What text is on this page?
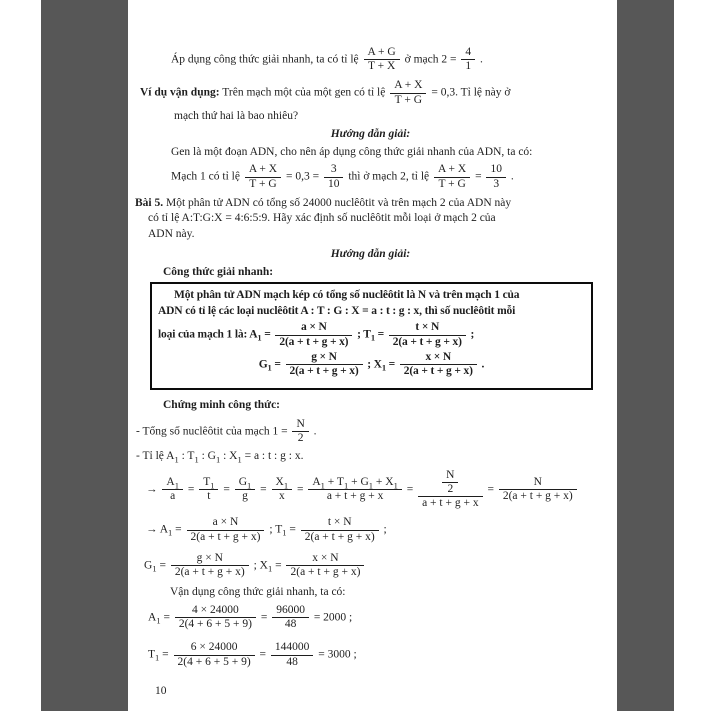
Áp dụng công thức giải nhanh, ta có tỉ lệ $\frac{A + G}{T + X}$ ở mạch $2 = \frac{4}{1}$ .
Ví dụ vận dụng: Trên mạch một của một gen có tỉ lệ $\frac{A + X}{T + G} = 0,3$. Tỉ lệ này ở
mạch thứ hai là bao nhiêu?
Hướng dẫn giải:
Gen là một đoạn ADN, cho nên áp dụng công thức giải nhanh của ADN, ta có:
Mạch 1 có tỉ lệ $\frac{A + X}{T + G} = 0,3 = \frac{3}{10}$ thì ở mạch 2, tỉ lệ $\frac{A + X}{T + G} = \frac{10}{3}$ .
Bài 5. Một phân tử ADN có tổng số 24000 nuclêôtit và trên mạch 2 của ADN này
có tỉ lệ A:T:G:X = 4:6:5:9. Hãy xác định số nuclêôtit mỗi loại ở mạch 2 của
ADN này.
Hướng dẫn giải:
Công thức giải nhanh:
Một phân tử ADN mạch kép có tổng số nuclêôtit là N và trên mạch 1 của
ADN có tỉ lệ các loại nuclêôtit A : T : G : X = a : t : g : x, thì số nuclêôtit mỗi
loại của mạch 1 là: $A_1 = \frac{a \times N}{2(a + t + g + x)}$ ; $T_1 = \frac{t \times N}{2(a + t + g + x)}$ ;
$G_1 = \frac{g \times N}{2(a + t + g + x)}$ ; $X_1 = \frac{x \times N}{2(a + t + g + x)}$ .
Chứng minh công thức:
- Tổng số nuclêôtit của mạch $1 = \frac{N}{2}$ .
- Tỉ lệ $A_1$ : $T_1$ : $G_1$ : $X_1 = a$ : t : g : x.
→ $\frac{A_1}{a} = \frac{T_1}{t} = \frac{G_1}{g} = \frac{X_1}{x} = \frac{A_1 + T_1 + G_1 + X_1}{a + t + g + x} = \frac{\frac{N}{2}}{a + t + g + x} = \frac{N}{2(a + t + g + x)}$
→ $A_1 = \frac{a \times N}{2(a + t + g + x)}$ ; $T_1 = \frac{t \times N}{2(a + t + g + x)}$ ;
$G_1 = \frac{g \times N}{2(a + t + g + x)}$ ; $X_1 = \frac{x \times N}{2(a + t + g + x)}$
Vận dụng công thức giải nhanh, ta có:
$A_1 = \frac{4 \times 24000}{2(4 + 6 + 5 + 9)} = \frac{96000}{48} = 2000$ ;
$T_1 = \frac{6 \times 24000}{2(4 + 6 + 5 + 9)} = \frac{144000}{48} = 3000$ ;
10
